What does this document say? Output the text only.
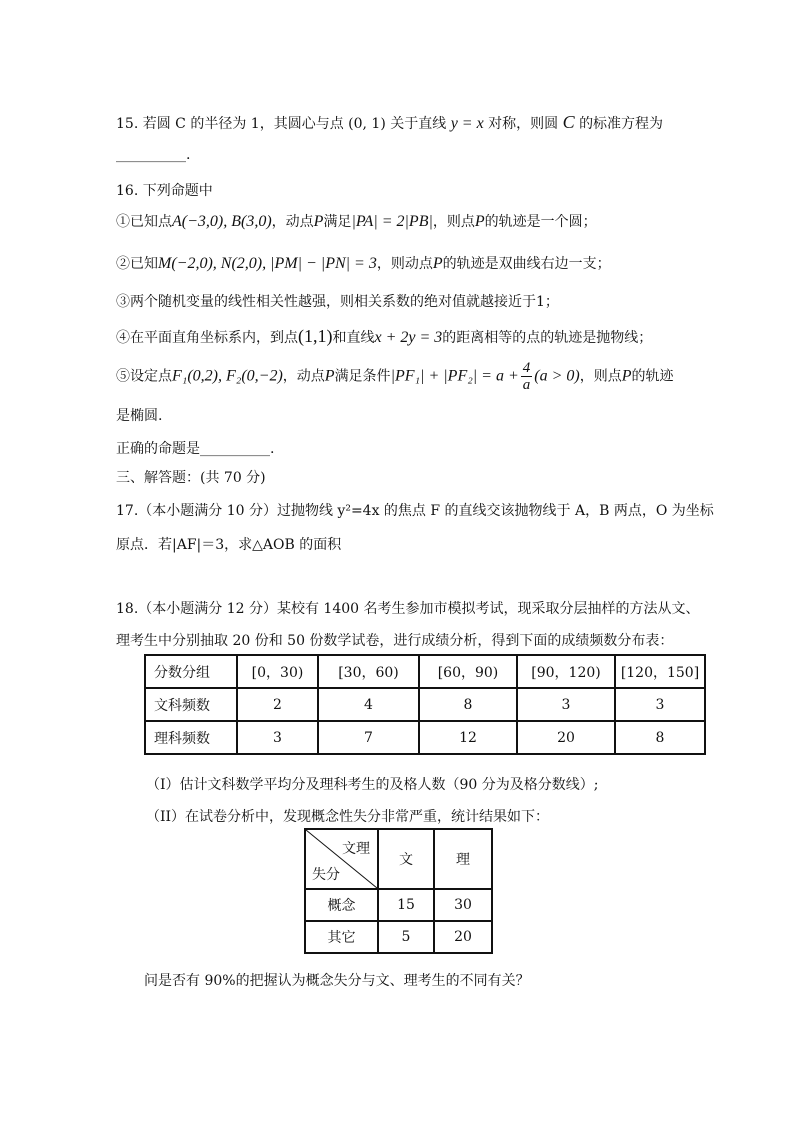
15. 若圆 C 的半径为 1，其圆心与点 (0, 1) 关于直线 y = x 对称，则圆 C 的标准方程为
__________.
16. 下列命题中
①已知点A(−3,0), B(3,0)，动点P满足|PA| = 2|PB|，则点P的轨迹是一个圆；
②已知M(−2,0), N(2,0), |PM| − |PN| = 3，则动点P的轨迹是双曲线右边一支；
③两个随机变量的线性相关性越强，则相关系数的绝对值就越接近于1；
④在平面直角坐标系内，到点(1,1)和直线x + 2y = 3的距离相等的点的轨迹是抛物线；
⑤设定点F₁(0,2), F₂(0,−2)，动点P满足条件$|PF_1| + |PF_2| = a + \frac{4}{a} (a > 0)$，则点P的轨迹
是椭圆.
正确的命题是__________.
三、解答题：(共 70 分)
17.（本小题满分 10 分）过抛物线 y²=4x 的焦点 F 的直线交该抛物线于 A，B 两点，O 为坐标
原点．若|AF|＝3，求△AOB 的面积
18.（本小题满分 12 分）某校有 1400 名考生参加市模拟考试，现采取分层抽样的方法从文、
理考生中分别抽取 20 份和 50 份数学试卷，进行成绩分析，得到下面的成绩频数分布表：
分数分组	[0，30)	[30，60)	[60，90)	[90，120)	[120，150]
文科频数	2	4	8	3	3
理科频数	3	7	12	20	8
（I）估计文科数学平均分及理科考生的及格人数（90 分为及格分数线）;
（II）在试卷分析中，发现概念性失分非常严重，统计结果如下：
文理
失分	文	理
概念	15	30
其它	5	20
问是否有 90%的把握认为概念失分与文、理考生的不同有关？
